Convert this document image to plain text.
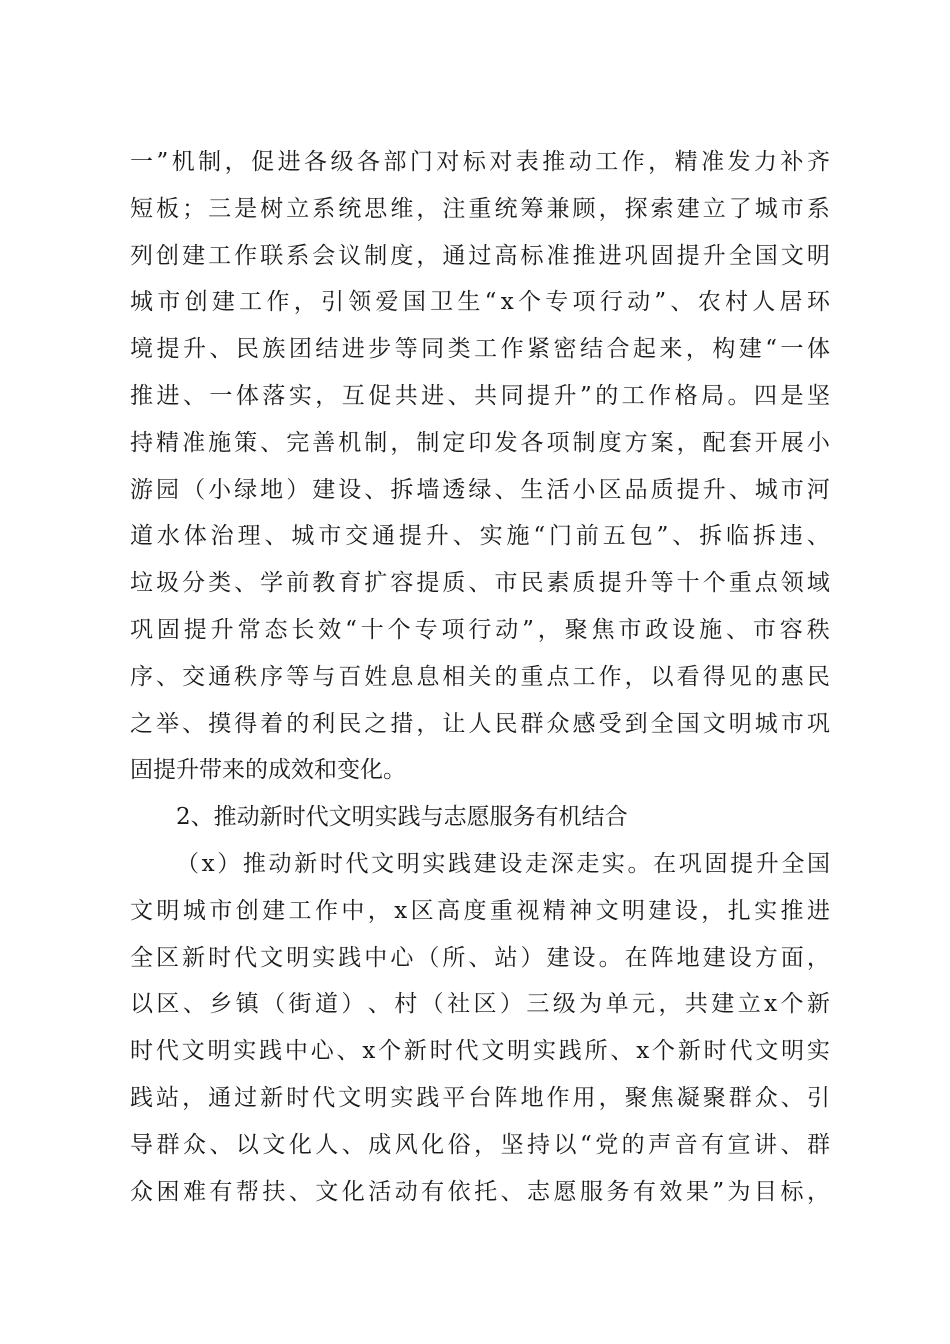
一 ” 机 制 ， 促 进 各 级 各 部 门 对 标 对 表 推 动 工 作 ， 精 准 发 力 补 齐
短 板 ； 三 是 树 立 系 统 思 维 ， 注 重 统 筹 兼 顾 ， 探 索 建 立 了 城 市 系
列 创 建 工 作 联 系 会 议 制 度 ， 通 过 高 标 准 推 进 巩 固 提 升 全 国 文 明
城 市 创 建 工 作 ， 引 领 爱 国 卫 生 “ x 个 专 项 行 动 ” 、 农 村 人 居 环
境 提 升 、 民 族 团 结 进 步 等 同 类 工 作 紧 密 结 合 起 来 ， 构 建 “ 一 体
推 进 、 一 体 落 实 ， 互 促 共 进 、 共 同 提 升 ” 的 工 作 格 局 。 四 是 坚
持 精 准 施 策 、 完 善 机 制 ， 制 定 印 发 各 项 制 度 方 案 ， 配 套 开 展 小
游 园 （ 小 绿 地 ） 建 设 、 拆 墙 透 绿 、 生 活 小 区 品 质 提 升 、 城 市 河
道 水 体 治 理 、 城 市 交 通 提 升 、 实 施 “ 门 前 五 包 ” 、 拆 临 拆 违 、
垃 圾 分 类 、 学 前 教 育 扩 容 提 质 、 市 民 素 质 提 升 等 十 个 重 点 领 域
巩 固 提 升 常 态 长 效 “ 十 个 专 项 行 动 ” ， 聚 焦 市 政 设 施 、 市 容 秩
序 、 交 通 秩 序 等 与 百 姓 息 息 相 关 的 重 点 工 作 ， 以 看 得 见 的 惠 民
之 举 、 摸 得 着 的 利 民 之 措 ， 让 人 民 群 众 感 受 到 全 国 文 明 城 市 巩
固提升带来的成效和变化。
2、推动新时代文明实践与志愿服务有机结合
（ x ） 推 动 新 时 代 文 明 实 践 建 设 走 深 走 实 。 在 巩 固 提 升 全 国
文 明 城 市 创 建 工 作 中 ， x 区 高 度 重 视 精 神 文 明 建 设 ， 扎 实 推 进
全 区 新 时 代 文 明 实 践 中 心 （ 所 、 站 ） 建 设 。 在 阵 地 建 设 方 面 ，
以 区 、 乡 镇 （ 街 道 ） 、 村 （ 社 区 ） 三 级 为 单 元 ， 共 建 立 x 个 新
时 代 文 明 实 践 中 心 、 x 个 新 时 代 文 明 实 践 所 、 x 个 新 时 代 文 明 实
践 站 ， 通 过 新 时 代 文 明 实 践 平 台 阵 地 作 用 ， 聚 焦 凝 聚 群 众 、 引
导 群 众 、 以 文 化 人 、 成 风 化 俗 ， 坚 持 以 “ 党 的 声 音 有 宣 讲 、 群
众 困 难 有 帮 扶 、 文 化 活 动 有 依 托 、 志 愿 服 务 有 效 果 ” 为 目 标 ，
